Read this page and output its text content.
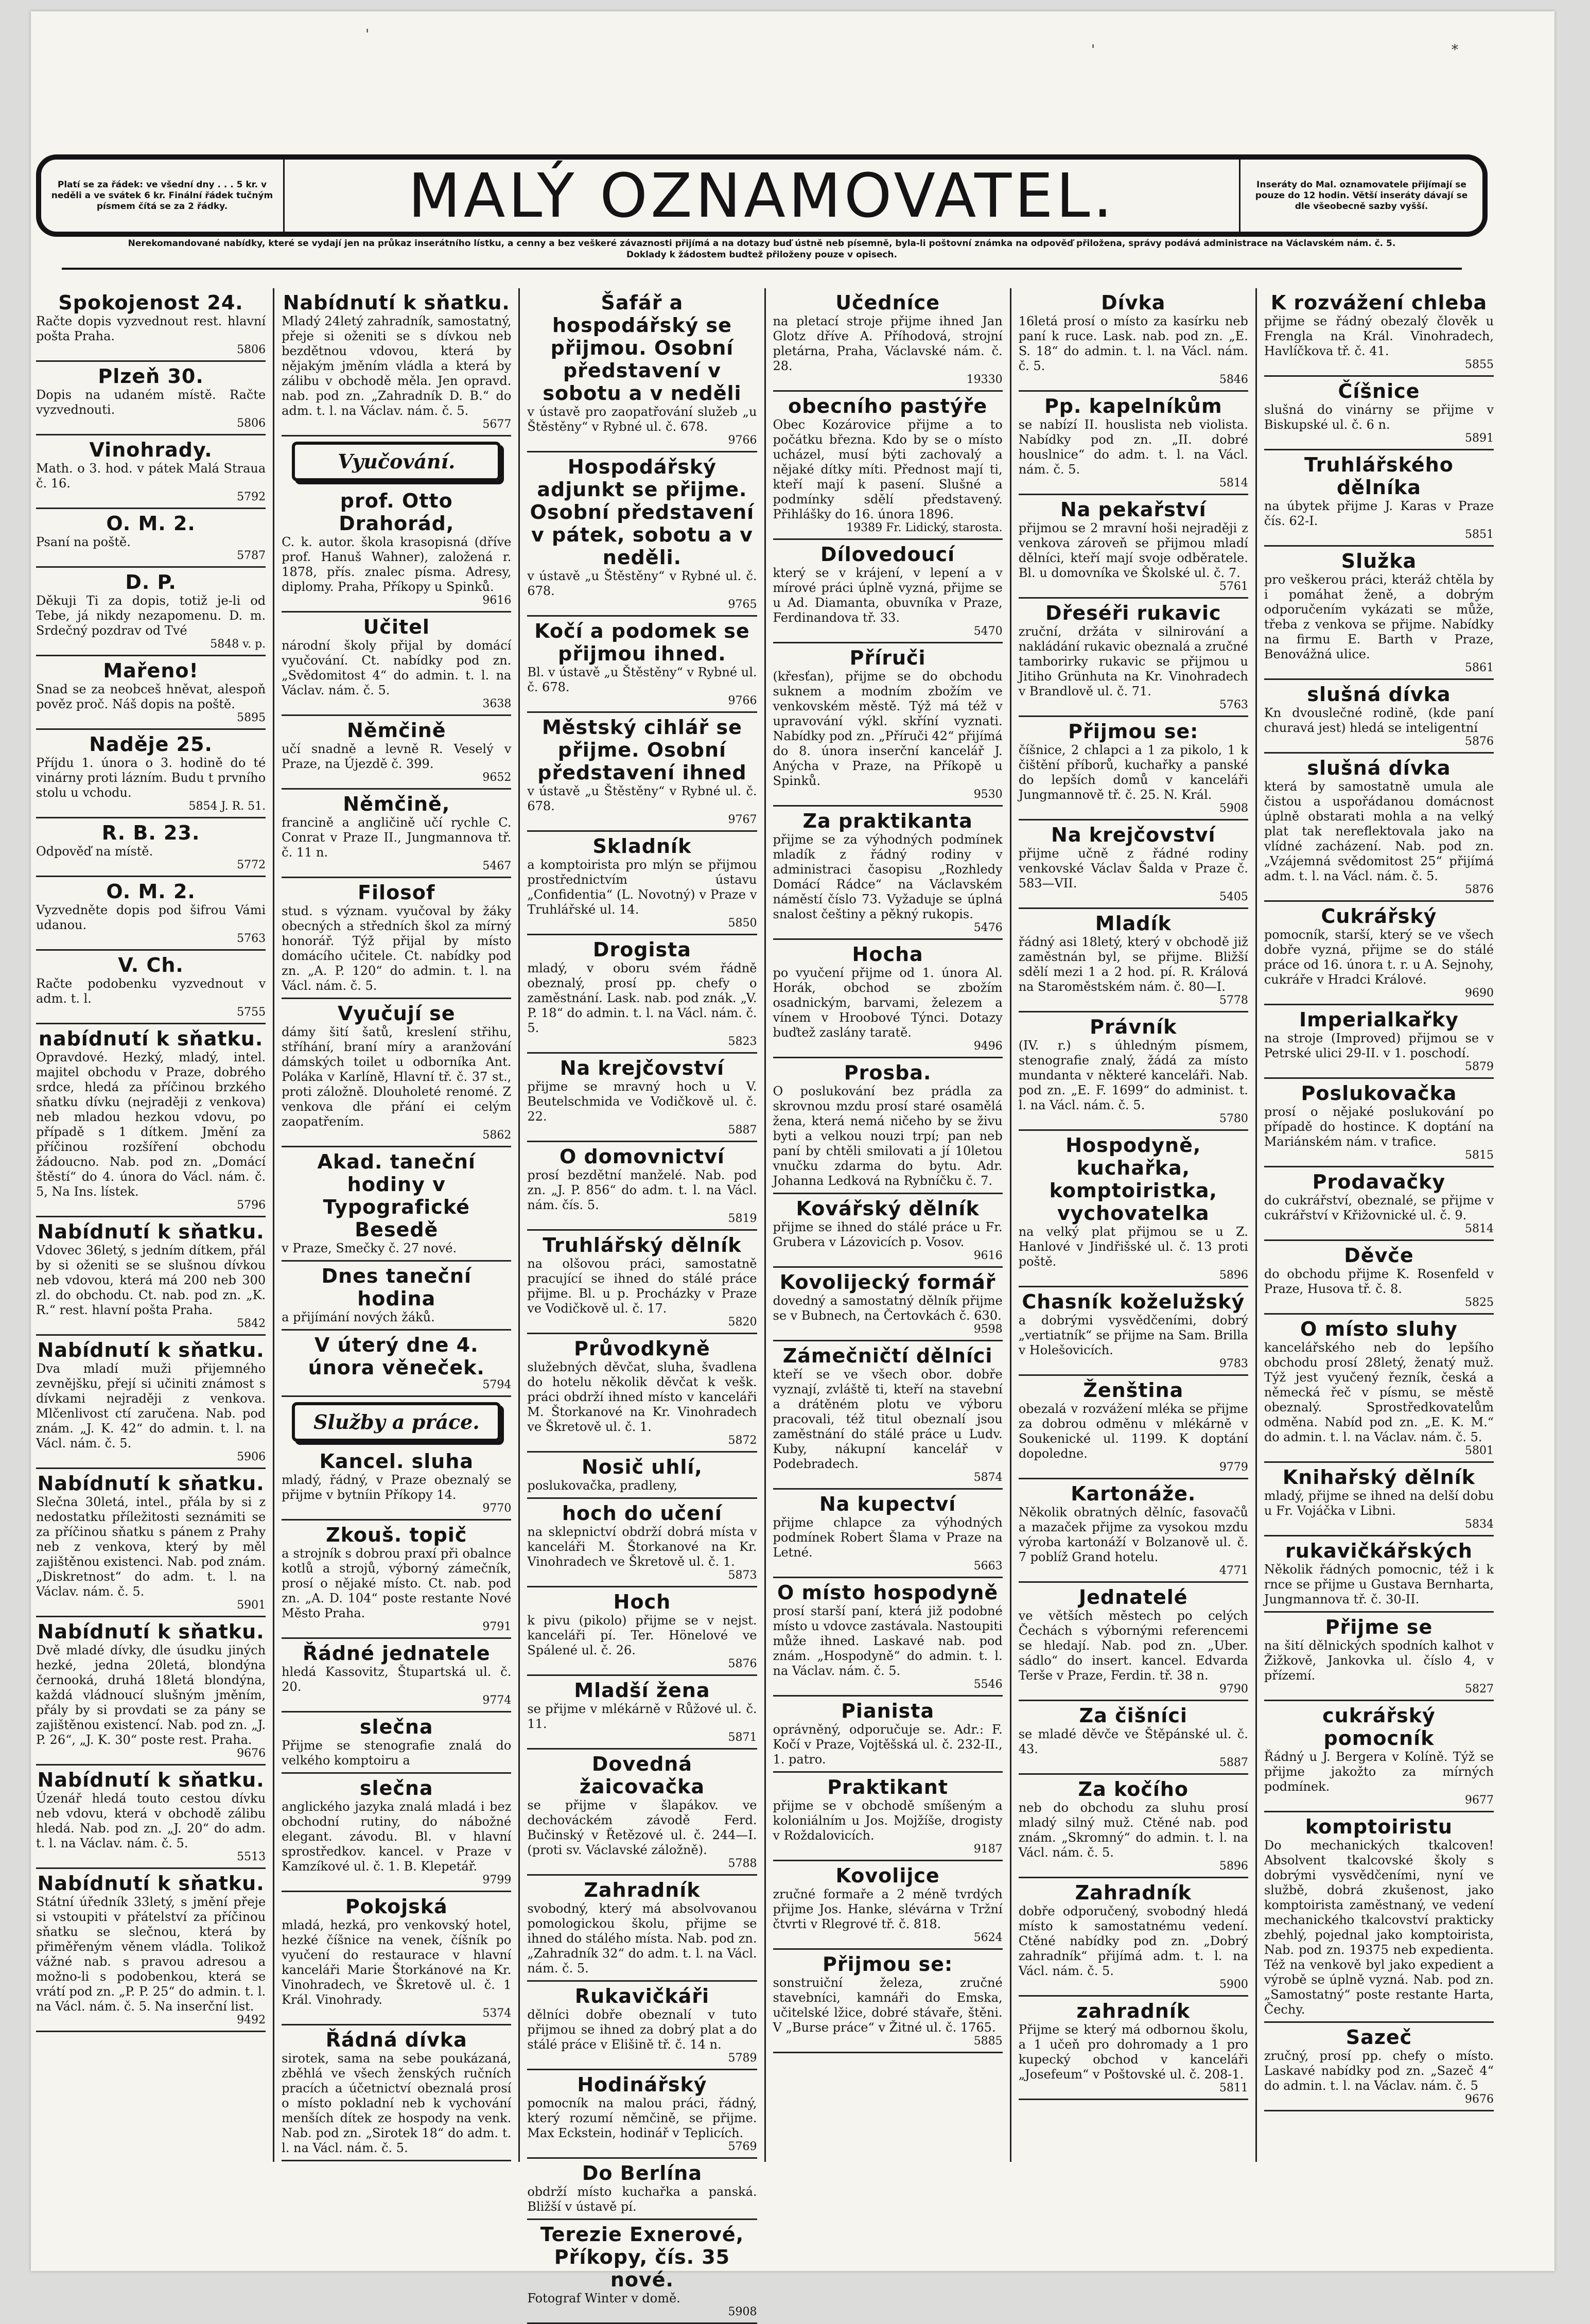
'
'	*
Platí se za řádek: ve všední dny . . . 5 kr. v neděli a ve svátek 6 kr. Finální řádek tučným písmem čítá se za 2 řádky.	MALÝ OZNAMOVATEL.	Inseráty do Mal. oznamovatele přijímají se pouze do 12 hodin. Větší inseráty dávají se dle všeobecně sazby vyšší.
Nerekomandované nabídky, které se vydají jen na průkaz inserátního lístku, a cenny a bez veškeré závaznosti přijímá a na dotazy buď ústně neb písemně, byla-li poštovní známka na odpověď přiložena, správy podává administrace na Václavském nám. č. 5. Doklady k žádostem budtež přiloženy pouze v opisech.
Spokojenost 24.
Račte dopis vyzvednout rest. hlavní pošta Praha.
5806
Plzeň 30.
Dopis na udaném místě. Račte vyzvednouti.
5806
Vinohrady.
Math. o 3. hod. v pátek Malá Straua č. 16.
5792
O. M. 2.
Psaní na poště.
5787
D. P.
Děkuji Ti za dopis, totiž je-li od Tebe, já nikdy nezapomenu. D. m. Srdečný pozdrav od Tvé
5848 v. p.
Mařeno!
Snad se za neobceš hněvat, alespoň pověz proč. Náš dopis na poště.
5895
Naděje 25.
Příjdu 1. února o 3. hodině do té vinárny proti lázním. Budu t prvního stolu u vchodu.
5854 J. R. 51.
R. B. 23.
Odpověď na místě.
5772
O. M. 2.
Vyzvedněte dopis pod šifrou Vámi udanou.
5763
V. Ch.
Račte podobenku vyzvednout v adm. t. l.
5755
nabídnutí k sňatku.
Opravdové. Hezký, mladý, intel. majitel obchodu v Praze, dobrého srdce, hledá za příčinou brzkého sňatku dívku (nejraději z venkova) neb mladou hezkou vdovu, po případě s 1 dítkem. Jmění za příčinou rozšíření obchodu žádoucno. Nab. pod zn. „Domácí štěstí“ do 4. února do Václ. nám. č. 5, Na Ins. lístek.
5796
Nabídnutí k sňatku.
Vdovec 36letý, s jedním dítkem, přál by si oženiti se se slušnou dívkou neb vdovou, která má 200 neb 300 zl. do obchodu. Ct. nab. pod zn. „K. R.“ rest. hlavní pošta Praha.
5842
Nabídnutí k sňatku.
Dva mladí muži přijemného zevnějšku, přejí si učiniti známost s dívkami nejraději z venkova. Mlčenlivost ctí zaručena. Nab. pod znám. „J. K. 42“ do admin. t. l. na Václ. nám. č. 5.
5906
Nabídnutí k sňatku.
Slečna 30letá, intel., přála by si z nedostatku příležitosti seznámiti se za příčinou sňatku s pánem z Prahy neb z venkova, který by měl zajištěnou existenci. Nab. pod znám. „Diskretnost“ do adm. t. l. na Václav. nám. č. 5.
5901
Nabídnutí k sňatku.
Dvě mladé dívky, dle úsudku jiných hezké, jedna 20letá, blondýna černooká, druhá 18letá blondýna, každá vládnoucí slušným jměním, přály by si provdati se za pány se zajištěnou existencí. Nab. pod zn. „J. P. 26“, „J. K. 30“ poste rest. Praha.
9676
Nabídnutí k sňatku.
Úzenář hledá touto cestou dívku neb vdovu, která v obchodě zálibu hledá. Nab. pod zn. „J. 20“ do adm. t. l. na Václav. nám. č. 5.
5513
Nabídnutí k sňatku.
Státní úředník 33letý, s jmění přeje si vstoupiti v přátelství za příčinou sňatku se slečnou, která by přiměřeným věnem vládla. Tolikož vážné nab. s pravou adresou a možno-li s podobenkou, která se vrátí pod zn. „P. P. 25“ do admin. t. l. na Václ. nám. č. 5. Na inserční list.
9492
Nabídnutí k sňatku.
Mladý 24letý zahradník, samostatný, přeje si oženiti se s dívkou neb bezdětnou vdovou, která by nějakým jměním vládla a která by zálibu v obchodě měla. Jen opravd. nab. pod zn. „Zahradník D. B.“ do adm. t. l. na Václav. nám. č. 5.
5677
Vyučování.
prof. Otto Drahorád,
C. k. autor. škola krasopisná (dříve prof. Hanuš Wahner), založená r. 1878, přís. znalec písma. Adresy, diplomy. Praha, Příkopy u Spinků.
9616
Učitel
národní školy přijal by domácí vyučování. Ct. nabídky pod zn. „Svědomitost 4“ do admin. t. l. na Václav. nám. č. 5.
3638
Němčině
učí snadně a levně R. Veselý v Praze, na Újezdě č. 399.
9652
Němčině,
francině a angličině učí rychle C. Conrat v Praze II., Jungmannova tř. č. 11 n.
5467
Filosof
stud. s význam. vyučoval by žáky obecných a středních škol za mírný honorář. Týž přijal by místo domácího učitele. Ct. nabídky pod zn. „A. P. 120“ do admin. t. l. na Václ. nám. č. 5.
Vyučují se
dámy šití šatů, kreslení střihu, stříhání, braní míry a aranžování dámských toilet u odborníka Ant. Poláka v Karlíně, Hlavní tř. č. 37 st., proti záložně. Dlouholeté renomé. Z venkova dle přání ei celým zaopatřením.
5862
Akad. taneční hodiny v Typografické Besedě
v Praze, Smečky č. 27 nové.
Dnes taneční hodina
a přijímání nových žáků.
V úterý dne 4. února věneček.
5794
Služby a práce.
Kancel. sluha
mladý, řádný, v Praze obeznalý se přijme v bytníin Příkopy 14.
9770
Zkouš. topič
a strojník s dobrou praxí při obalnce kotlů a strojů, výborný zámečník, prosí o nějaké místo. Ct. nab. pod zn. „A. D. 104“ poste restante Nové Město Praha.
9791
Řádné jednatele
hledá Kassovitz, Štupartská ul. č. 20.
9774
slečna
Přijme se stenografie znalá do velkého komptoiru a
slečna
anglického jazyka znalá mladá i bez obchodní rutiny, do nábožné elegant. závodu. Bl. v hlavní sprostředkov. kancel. v Praze v Kamzíkové ul. č. 1. B. Klepetář.
9799
Pokojská
mladá, hezká, pro venkovský hotel, hezké číšnice na venek, číšník po vyučení do restaurace v hlavní kanceláři Marie Štorkánové na Kr. Vinohradech, ve Škretově ul. č. 1 Král. Vinohrady.
5374
Řádná dívka
sirotek, sama na sebe poukázaná, zběhlá ve všech ženských ručních pracích a účetnictví obeznalá prosí o místo pokladní neb k vychování menších dítek ze hospody na venk. Nab. pod zn. „Sirotek 18“ do adm. t. l. na Václ. nám. č. 5.
Šafář a hospodářský se přijmou. Osobní představení v sobotu a v neděli
v ústavě pro zaopatřování služeb „u Štěstěny“ v Rybné ul. č. 678.
9766
Hospodářský adjunkt se přijme. Osobní představení v pátek, sobotu a v neděli.
v ústavě „u Štěstěny“ v Rybné ul. č. 678.
9765
Kočí a podomek se přijmou ihned.
Bl. v ústavě „u Štěstěny“ v Rybné ul. č. 678.
9766
Městský cihlář se přijme. Osobní představení ihned
v ústavě „u Štěstěny“ v Rybné ul. č. 678.
9767
Skladník
a komptoirista pro mlýn se přijmou prostřednictvím ústavu „Confidentia“ (L. Novotný) v Praze v Truhlářské ul. 14.
5850
Drogista
mladý, v oboru svém řádně obeznalý, prosí pp. chefy o zaměstnání. Lask. nab. pod znák. „V. P. 18“ do admin. t. l. na Václ. nám. č. 5.
5823
Na krejčovství
přijme se mravný hoch u V. Beutelschmida ve Vodičkově ul. č. 22.
5887
O domovnictví
prosí bezdětní manželé. Nab. pod zn. „J. P. 856“ do adm. t. l. na Václ. nám. čís. 5.
5819
Truhlářský dělník
na olšovou práci, samostatně pracující se ihned do stálé práce přijme. Bl. u p. Procházky v Praze ve Vodičkově ul. č. 17.
5820
Průvodkyně
služebných děvčat, sluha, švadlena do hotelu několik děvčat k vešk. práci obdrží ihned místo v kanceláři M. Štorkanové na Kr. Vinohradech ve Škretově ul. č. 1.
5872
Nosič uhlí,
poslukovačka, pradleny,
hoch do učení
na sklepnictví obdrží dobrá místa v kanceláři M. Štorkanové na Kr. Vinohradech ve Škretově ul. č. 1.
5873
Hoch
k pivu (pikolo) přijme se v nejst. kanceláři pí. Ter. Hönelové ve Spálené ul. č. 26.
5876
Mladší žena
se přijme v mlékárně v Růžové ul. č. 11.
5871
Dovedná žaicovačka
se přijme v šlapákov. ve dechováckém závodě Ferd. Bučinský v Řetězové ul. č. 244—I. (proti sv. Václavské záložně).
5788
Zahradník
svobodný, který má absolvovanou pomologickou školu, přijme se ihned do stálého místa. Nab. pod zn. „Zahradník 32“ do adm. t. l. na Václ. nám. č. 5.
Rukavičkáři
dělníci dobře obeznalí v tuto přijmou se ihned za dobrý plat a do stálé práce v Elišině tř. č. 14 n.
5789
Hodinářský
pomocník na malou práci, řádný, který rozumí němčině, se přijme. Max Eckstein, hodinář v Teplicích.
5769
Do Berlína
obdrží místo kuchařka a panská. Bližší v ústavě pí.
Terezie Exnerové, Příkopy, čís. 35 nové.
Fotograf Winter v domě.
5908
Učedníce
na pletací stroje přijme ihned Jan Glotz dříve A. Příhodová, strojní pletárna, Praha, Václavské nám. č. 28.
19330
obecního pastýře
Obec Kozárovice přijme a to počátku března. Kdo by se o místo ucházel, musí býti zachovalý a nějaké dítky míti. Přednost mají ti, kteří mají k pasení. Slušné a podmínky sdělí představený. Přihlášky do 16. února 1896.
19389 Fr. Lidický, starosta.
Dílovedoucí
který se v krájení, v lepení a v mírové práci úplně vyzná, přijme se u Ad. Diamanta, obuvníka v Praze, Ferdinandova tř. 33.
5470
Příruči
(křesťan), přijme se do obchodu suknem a modním zbožím ve venkovském městě. Týž má též v upravování výkl. skříní vyznati. Nabídky pod zn. „Příruči 42“ přijímá do 8. února inserční kancelář J. Anýcha v Praze, na Příkopě u Spinků.
9530
Za praktikanta
přijme se za výhodných podmínek mladík z řádný rodiny v administraci časopisu „Rozhledy Domácí Rádce“ na Václavském náměstí číslo 73. Vyžaduje se úplná snalost češtiny a pěkný rukopis.
5476
Hocha
po vyučení přijme od 1. února Al. Horák, obchod se zbožím osadnickým, barvami, železem a vínem v Hroobové Týnci. Dotazy buďtež zaslány taratě.
9496
Prosba.
O poslukování bez prádla za skrovnou mzdu prosí staré osamělá žena, která nemá ničeho by se živu byti a velkou nouzi trpí; pan neb paní by chtěli smilovati a jí 10letou vnučku zdarma do bytu. Adr. Johanna Ledková na Rybníčku č. 7.
Kovářský dělník
přijme se ihned do stálé práce u Fr. Grubera v Lázovicích p. Vosov.
9616
Kovolijecký formář
dovedný a samostatný dělník přijme se v Bubnech, na Čertovkách č. 630.
9598
Zámečničtí dělníci
kteří se ve všech obor. dobře vyznají, zvláště ti, kteří na stavební a drátěném plotu ve výboru pracovali, též titul obeznalí jsou zaměstnání do stálé práce u Ludv. Kuby, nákupní kancelář v Podebradech.
5874
Na kupectví
přijme chlapce za výhodných podmínek Robert Šlama v Praze na Letné.
5663
O místo hospodyně
prosí starší paní, která již podobné místo u vdovce zastávala. Nastoupiti může ihned. Laskavé nab. pod znám. „Hospodyně“ do admin. t. l. na Václav. nám. č. 5.
5546
Pianista
oprávněný, odporučuje se. Adr.: F. Kočí v Praze, Vojtěšská ul. č. 232-II., 1. patro.
Praktikant
přijme se v obchodě smíšeným a koloniálním u Jos. Mojžíše, drogisty v Roždalovicích.
9187
Kovolijce
zručné formaře a 2 méně tvrdých přijme Jos. Hanke, slévárna v Tržní čtvrti v Rlegrové tř. č. 818.
5624
Přijmou se:
sonstruiční železa, zručné stavebníci, kamnáři do Emska, učitelské lžice, dobré stávaře, štěni. V „Burse práce“ v Žitné ul. č. 1765.
5885
Dívka
16letá prosí o místo za kasírku neb paní k ruce. Lask. nab. pod zn. „E. S. 18“ do admin. t. l. na Václ. nám. č. 5.
5846
Pp. kapelníkům
se nabízí II. houslista neb violista. Nabídky pod zn. „II. dobré houslnice“ do adm. t. l. na Václ. nám. č. 5.
5814
Na pekařství
přijmou se 2 mravní hoši nejraději z venkova zároveň se přijmou mladí dělníci, kteří mají svoje odběratele. Bl. u domovníka ve Školské ul. č. 7.
5761
Dřeséři rukavic
zruční, držáta v silnirování a nakládání rukavic obeznalá a zručné tamborirky rukavic se přijmou u Jitiho Grünhuta na Kr. Vinohradech v Brandlově ul. č. 71.
5763
Přijmou se:
číšnice, 2 chlapci a 1 za pikolo, 1 k čištění příborů, kuchařky a panské do lepších domů v kanceláři Jungmannově tř. č. 25. N. Král.
5908
Na krejčovství
přijme učně z řádné rodiny venkovské Václav Šalda v Praze č. 583—VII.
5405
Mladík
řádný asi 18letý, který v obchodě již zaměstnán byl, se přijme. Bližší sdělí mezi 1 a 2 hod. pí. R. Králová na Staroměstském nám. č. 80—I.
5778
Právník
(IV. r.) s úhledným písmem, stenografie znalý, žádá za místo mundanta v některé kanceláři. Nab. pod zn. „E. F. 1699“ do administ. t. l. na Václ. nám. č. 5.
5780
Hospodyně, kuchařka, komptoiristka, vychovatelka
na velký plat přijmou se u Z. Hanlové v Jindřišské ul. č. 13 proti poště.
5896
Chasník koželužský
a dobrými vysvědčeními, dobrý „vertiatník“ se přijme na Sam. Brilla v Holešovicích.
9783
Ženština
obezalá v rozvážení mléka se přijme za dobrou odměnu v mlékárně v Soukenické ul. 1199. K doptání dopoledne.
9779
Kartonáže.
Několik obratných dělníc, fasovačů a mazaček přijme za vysokou mzdu výroba kartonáží v Bolzanově ul. č. 7 poblíž Grand hotelu.
4771
Jednatelé
ve větších městech po celých Čechách s výbornými referencemi se hledají. Nab. pod zn. „Uber. sádlo“ do insert. kancel. Edvarda Terše v Praze, Ferdin. tř. 38 n.
9790
Za čišníci
se mladé děvče ve Štěpánské ul. č. 43.
5887
Za kočího
neb do obchodu za sluhu prosí mladý silný muž. Ctěné nab. pod znám. „Skromný“ do admin. t. l. na Václ. nám. č. 5.
5896
Zahradník
dobře odporučený, svobodný hledá místo k samostatnému vedení. Ctěné nabídky pod zn. „Dobrý zahradník“ přijímá adm. t. l. na Václ. nám. č. 5.
5900
zahradník
Přijme se který má odbornou školu, a 1 učeň pro dohromady a 1 pro kupecký obchod v kanceláři „Josefeum“ v Poštovské ul. č. 208-1.
5811
K rozvážení chleba
přijme se řádný obezalý člověk u Frengla na Král. Vinohradech, Havlíčkova tř. č. 41.
5855
Číšnice
slušná do vinárny se přijme v Biskupské ul. č. 6 n.
5891
Truhlářského dělníka
na úbytek přijme J. Karas v Praze čís. 62-I.
5851
Služka
pro veškerou práci, kteráž chtěla by i pomáhat ženě, a dobrým odporučením vykázati se může, třeba z venkova se přijme. Nabídky na firmu E. Barth v Praze, Benovážná ulice.
5861
slušná dívka
Kn dvouslečné rodině, (kde paní churavá jest) hledá se inteligentní
5876
slušná dívka
která by samostatně umula ale čistou a uspořádanou domácnost úplně obstarati mohla a na velký plat tak nereflektovala jako na vlídné zacházení. Nab. pod zn. „Vzájemná svědomitost 25“ přijímá adm. t. l. na Václ. nám. č. 5.
5876
Cukrářský
pomocník, starší, který se ve všech dobře vyzná, přijme se do stálé práce od 16. února t. r. u A. Sejnohy, cukráře v Hradci Králové.
9690
Imperialkařky
na stroje (Improved) přijmou se v Petrské ulici 29-II. v 1. poschodí.
5879
Poslukovačka
prosí o nějaké poslukování po případě do hostince. K doptání na Mariánském nám. v trafice.
5815
Prodavačky
do cukrářství, obeznalé, se přijme v cukrářství v Křižovnické ul. č. 9.
5814
Děvče
do obchodu přijme K. Rosenfeld v Praze, Husova tř. č. 8.
5825
O místo sluhy
kancelářského neb do lepšího obchodu prosí 28letý, ženatý muž. Týž jest vyučený řezník, česká a německá řeč v písmu, se městě obeznalý. Sprostředkovatelům odměna. Nabíd pod zn. „E. K. M.“ do admin. t. l. na Václav. nám. č. 5.
5801
Knihařský dělník
mladý, přijme se ihned na delší dobu u Fr. Vojáčka v Libni.
5834
rukavičkářských
Několik řádných pomocnic, též i k rnce se přijme u Gustava Bernharta, Jungmannova tř. č. 30-II.
Přijme se
na šití dělnických spodních kalhot v Žižkově, Jankovka ul. číslo 4, v přízemí.
5827
cukrářský pomocník
Řádný u J. Bergera v Kolíně. Týž se přijme jakožto za mírných podmínek.
9677
komptoiristu
Do mechanických tkalcoven! Absolvent tkalcovské školy s dobrými vysvědčeními, nyní ve službě, dobrá zkušenost, jako komptoirista zaměstnaný, ve vedení mechanického tkalcovství prakticky zbehlý, pojednal jako komptoirista, Nab. pod zn. 19375 neb expedienta. Též na venkově byl jako expedient a výrobě se úplně vyzná. Nab. pod zn. „Samostatný“ poste restante Harta, Čechy.
Sazeč
zručný, prosí pp. chefy o místo. Laskavé nabídky pod zn. „Sazeč 4“ do admin. t. l. na Václav. nám. č. 5
9676
